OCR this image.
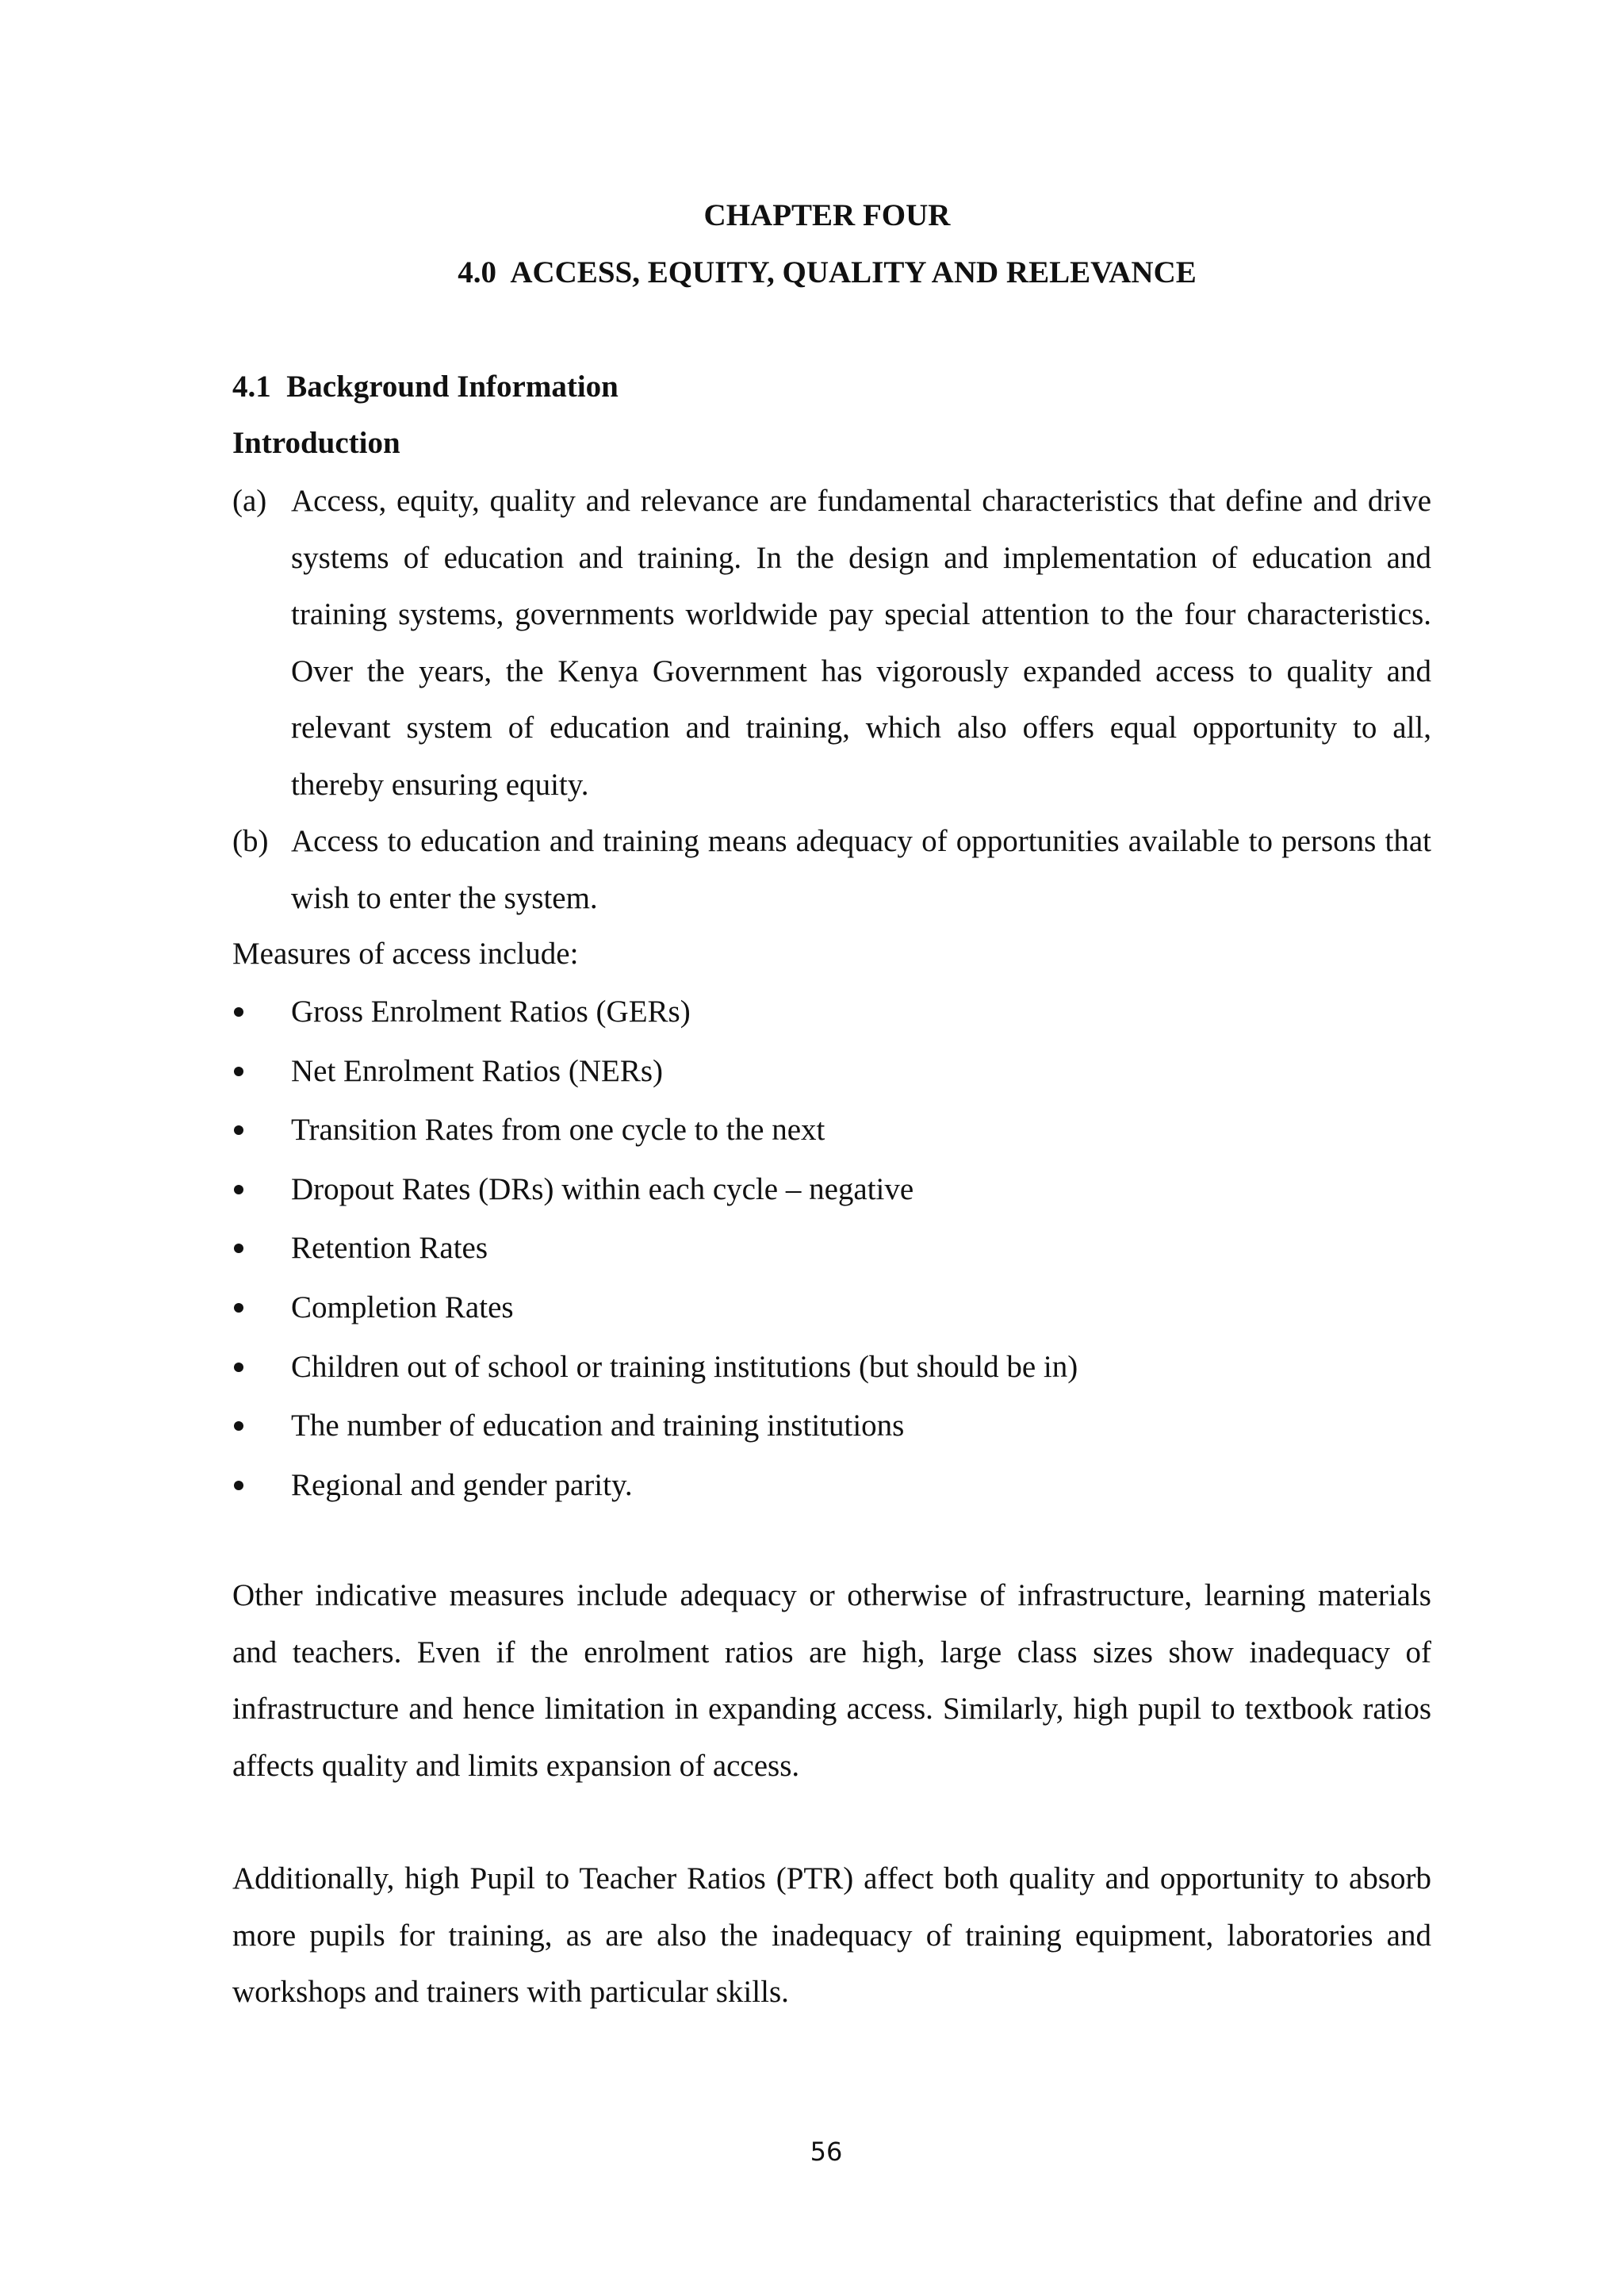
CHAPTER FOUR
4.0  ACCESS, EQUITY, QUALITY AND RELEVANCE
4.1  Background Information
Introduction
(a) Access, equity, quality and relevance are fundamental characteristics that define and drive systems of education and training. In the design and implementation of education and training systems, governments worldwide pay special attention to the four characteristics. Over the years, the Kenya Government has vigorously expanded access to quality and relevant system of education and training, which also offers equal opportunity to all, thereby ensuring equity.
(b) Access to education and training means adequacy of opportunities available to persons that wish to enter the system.
Measures of access include:
Gross Enrolment Ratios (GERs)
Net Enrolment Ratios (NERs)
Transition Rates from one cycle to the next
Dropout Rates (DRs) within each cycle – negative
Retention Rates
Completion Rates
Children out of school or training institutions (but should be in)
The number of education and training institutions
Regional and gender parity.
Other indicative measures include adequacy or otherwise of infrastructure, learning materials and teachers. Even if the enrolment ratios are high, large class sizes show inadequacy of infrastructure and hence limitation in expanding access. Similarly, high pupil to textbook ratios affects quality and limits expansion of access.
Additionally, high Pupil to Teacher Ratios (PTR) affect both quality and opportunity to absorb more pupils for training, as are also the inadequacy of training equipment, laboratories and workshops and trainers with particular skills.
56
